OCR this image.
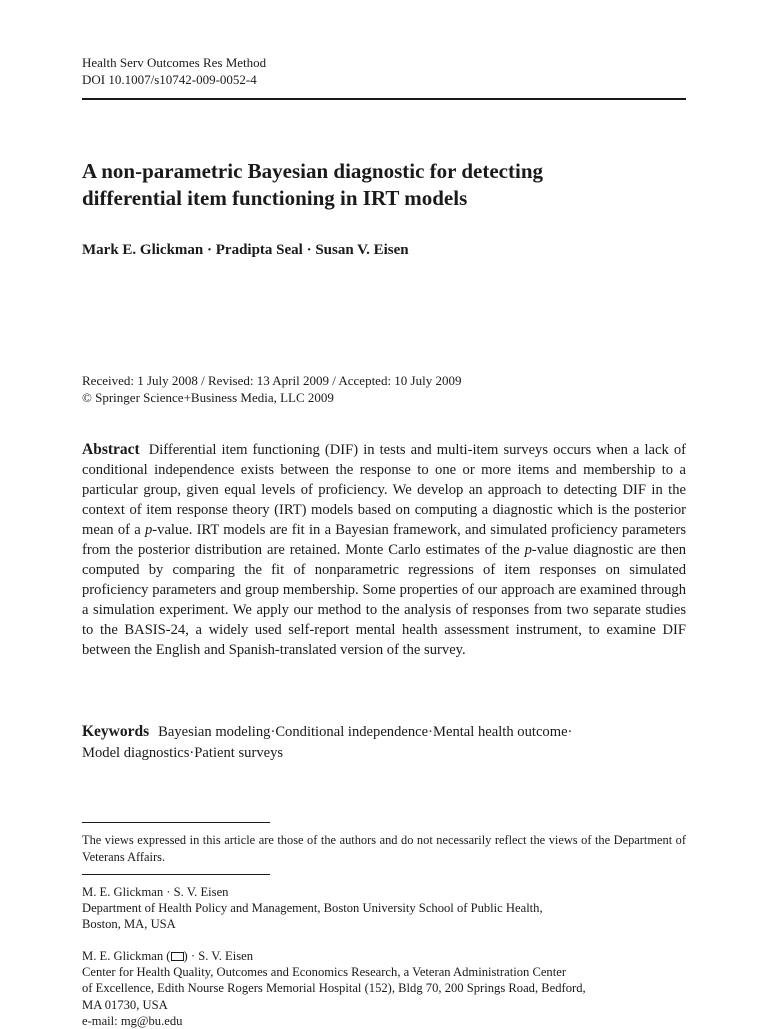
Health Serv Outcomes Res Method
DOI 10.1007/s10742-009-0052-4
A non-parametric Bayesian diagnostic for detecting
differential item functioning in IRT models
Mark E. Glickman · Pradipta Seal · Susan V. Eisen
Received: 1 July 2008 / Revised: 13 April 2009 / Accepted: 10 July 2009
© Springer Science+Business Media, LLC 2009

Abstract Differential item functioning (DIF) in tests and multi-item surveys occurs when a lack of conditional independence exists between the response to one or more items and membership to a particular group, given equal levels of proficiency. We develop an approach to detecting DIF in the context of item response theory (IRT) models based on computing a diagnostic which is the posterior mean of a p-value. IRT models are fit in a Bayesian framework, and simulated proficiency parameters from the posterior distribution are retained. Monte Carlo estimates of the p-value diagnostic are then computed by comparing the fit of nonparametric regressions of item responses on simulated proficiency parameters and group membership. Some properties of our approach are examined through a simulation experiment. We apply our method to the analysis of responses from two separate studies to the BASIS-24, a widely used self-report mental health assessment instrument, to examine DIF between the English and Spanish-translated version of the survey.

Keywords Bayesian modeling·Conditional independence·Mental health outcome·
Model diagnostics·Patient surveys

The views expressed in this article are those of the authors and do not necessarily reflect the views of the Department of Veterans Affairs.

M. E. Glickman · S. V. Eisen
Department of Health Policy and Management, Boston University School of Public Health,
Boston, MA, USA
M. E. Glickman ( ) · S. V. Eisen
Center for Health Quality, Outcomes and Economics Research, a Veteran Administration Center
of Excellence, Edith Nourse Rogers Memorial Hospital (152), Bldg 70, 200 Springs Road, Bedford,
MA 01730, USA
e-mail: mg@bu.edu
